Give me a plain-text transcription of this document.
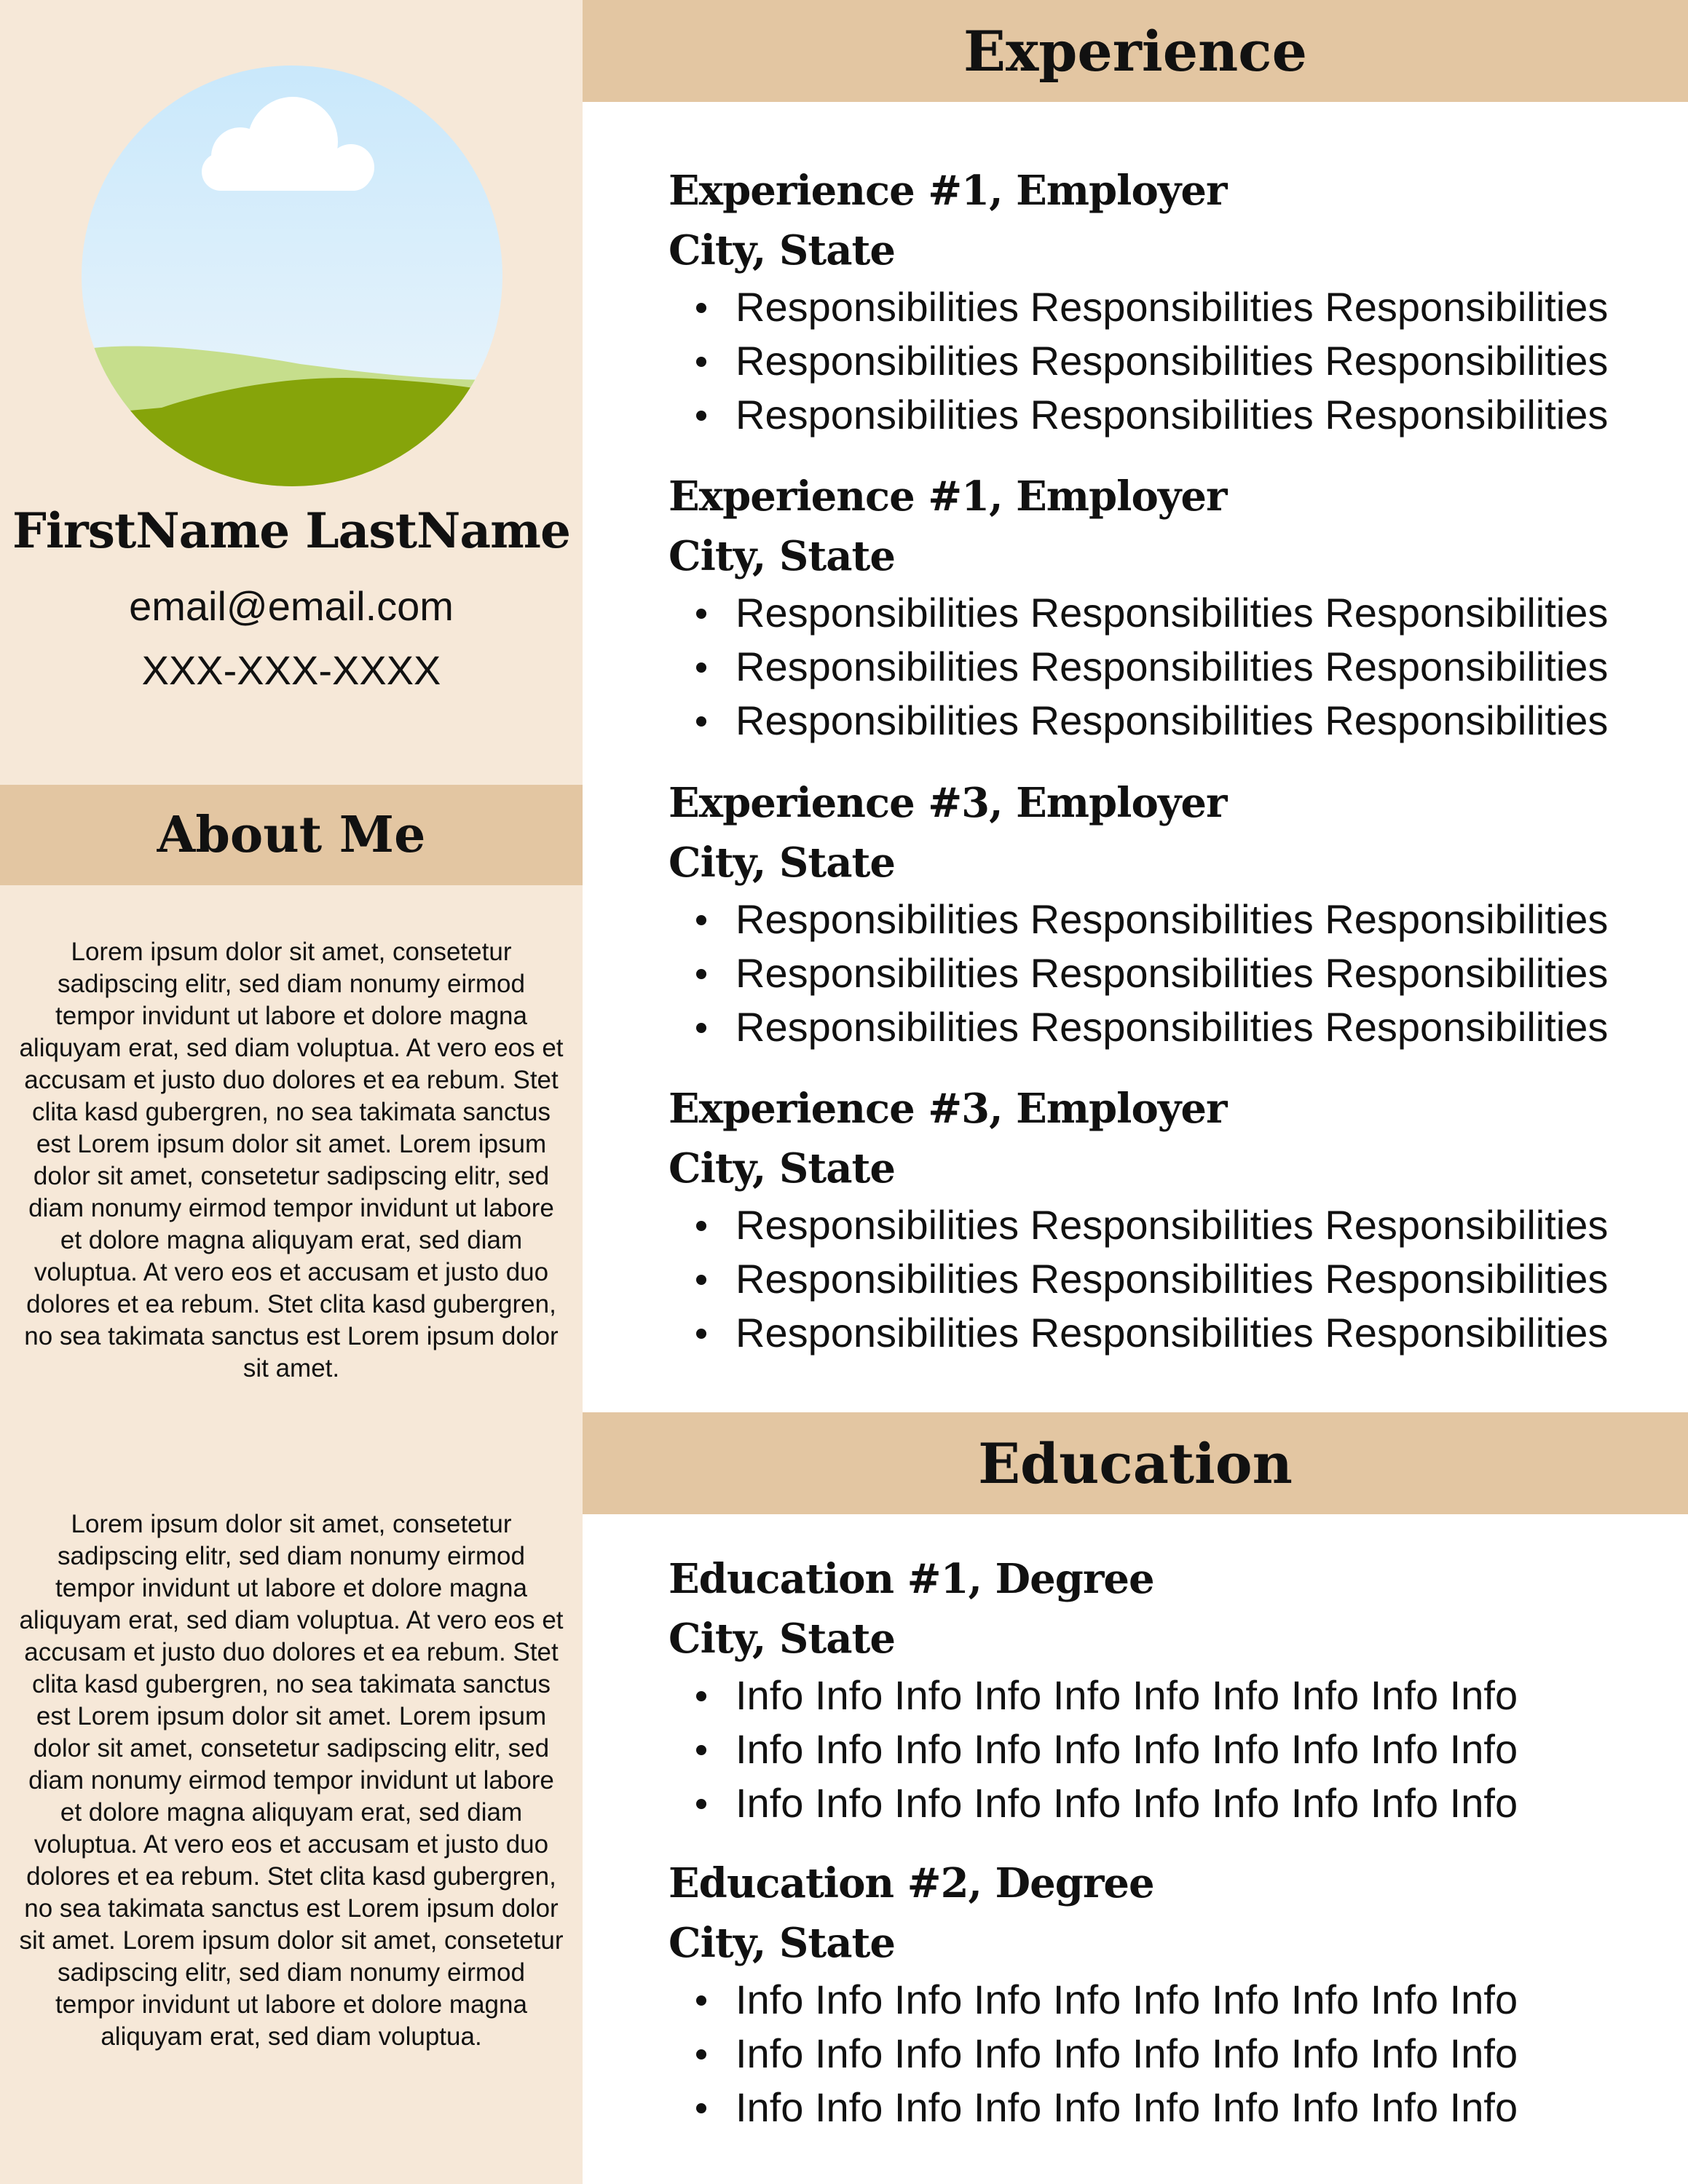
FirstName LastName
email@email.com
XXX-XXX-XXXX
About Me

Lorem ipsum dolor sit amet, consetetur sadipscing elitr, sed diam nonumy eirmod tempor invidunt ut labore et dolore magna aliquyam erat, sed diam voluptua. At vero eos et accusam et justo duo dolores et ea rebum. Stet clita kasd gubergren, no sea takimata sanctus est Lorem ipsum dolor sit amet. Lorem ipsum dolor sit amet, consetetur sadipscing elitr, sed diam nonumy eirmod tempor invidunt ut labore et dolore magna aliquyam erat, sed diam voluptua. At vero eos et accusam et justo duo dolores et ea rebum. Stet clita kasd gubergren, no sea takimata sanctus est Lorem ipsum dolor sit amet.

Lorem ipsum dolor sit amet, consetetur sadipscing elitr, sed diam nonumy eirmod tempor invidunt ut labore et dolore magna aliquyam erat, sed diam voluptua. At vero eos et accusam et justo duo dolores et ea rebum. Stet clita kasd gubergren, no sea takimata sanctus est Lorem ipsum dolor sit amet. Lorem ipsum dolor sit amet, consetetur sadipscing elitr, sed diam nonumy eirmod tempor invidunt ut labore et dolore magna aliquyam erat, sed diam voluptua. At vero eos et accusam et justo duo dolores et ea rebum. Stet clita kasd gubergren, no sea takimata sanctus est Lorem ipsum dolor sit amet. Lorem ipsum dolor sit amet, consetetur sadipscing elitr, sed diam nonumy eirmod tempor invidunt ut labore et dolore magna aliquyam erat, sed diam voluptua.

Experience
Experience #1, Employer
City, State
Responsibilities Responsibilities Responsibilities
Responsibilities Responsibilities Responsibilities
Responsibilities Responsibilities Responsibilities
Experience #1, Employer
City, State
Responsibilities Responsibilities Responsibilities
Responsibilities Responsibilities Responsibilities
Responsibilities Responsibilities Responsibilities
Experience #3, Employer
City, State
Responsibilities Responsibilities Responsibilities
Responsibilities Responsibilities Responsibilities
Responsibilities Responsibilities Responsibilities
Experience #3, Employer
City, State
Responsibilities Responsibilities Responsibilities
Responsibilities Responsibilities Responsibilities
Responsibilities Responsibilities Responsibilities
Education
Education #1, Degree
City, State
Info Info Info Info Info Info Info Info Info Info
Info Info Info Info Info Info Info Info Info Info
Info Info Info Info Info Info Info Info Info Info
Education #2, Degree
City, State
Info Info Info Info Info Info Info Info Info Info
Info Info Info Info Info Info Info Info Info Info
Info Info Info Info Info Info Info Info Info Info
